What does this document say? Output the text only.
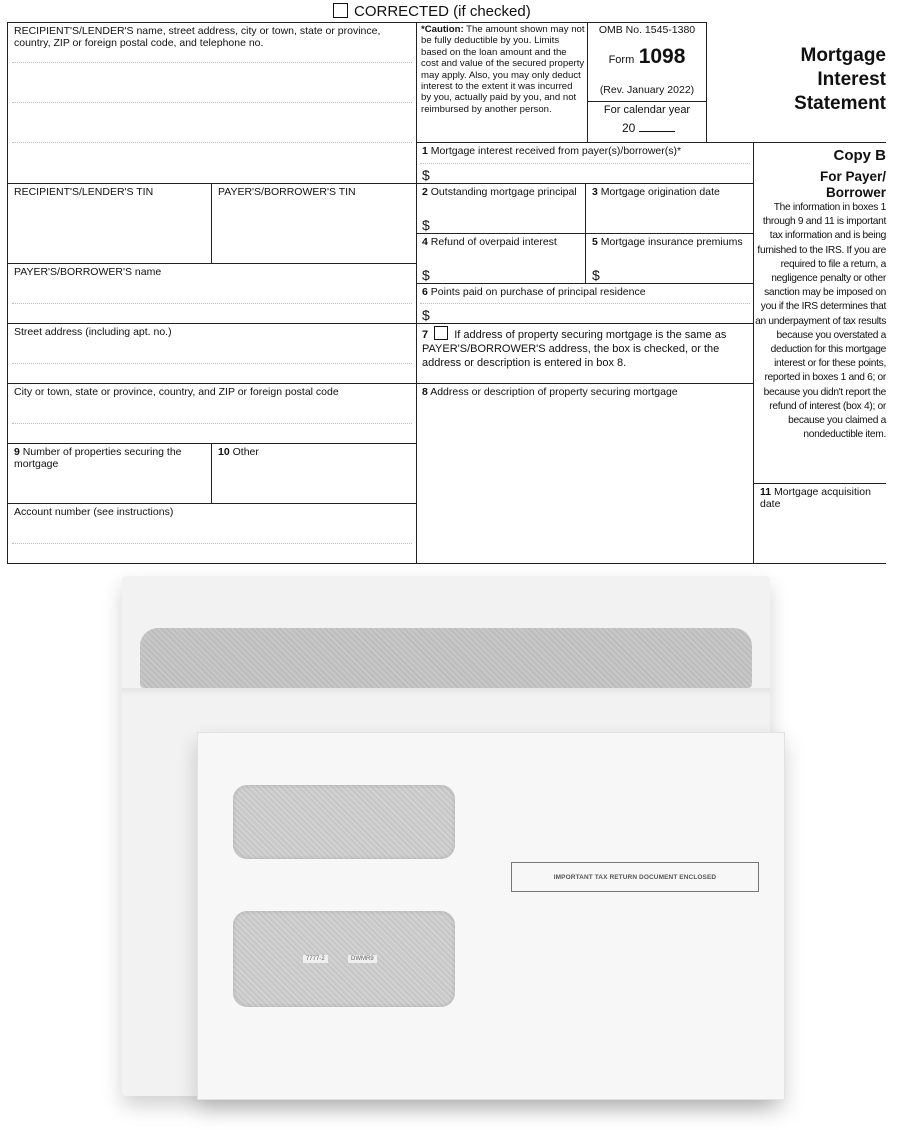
CORRECTED (if checked)
RECIPIENT'S/LENDER'S name, street address, city or town, state or province, country, ZIP or foreign postal code, and telephone no.
*Caution: The amount shown may not be fully deductible by you. Limits based on the loan amount and the cost and value of the secured property may apply. Also, you may only deduct interest to the extent it was incurred by you, actually paid by you, and not reimbursed by another person.
OMB No. 1545-1380
Form 1098
(Rev. January 2022)
For calendar year
20
Mortgage
Interest
Statement
1 Mortgage interest received from payer(s)/borrower(s)*
$
Copy B
For Payer/
Borrower
The information in boxes 1 through 9 and 11 is important tax information and is being furnished to the IRS. If you are required to file a return, a negligence penalty or other sanction may be imposed on you if the IRS determines that an underpayment of tax results because you overstated a deduction for this mortgage interest or for these points, reported in boxes 1 and 6; or because you didn't report the refund of interest (box 4); or because you claimed a nondeductible item.
RECIPIENT'S/LENDER'S TIN	PAYER'S/BORROWER'S TIN	2 Outstanding mortgage principal
$
3 Mortgage origination date
4 Refund of overpaid interest
$
5 Mortgage insurance premiums
$
PAYER'S/BORROWER'S name
6 Points paid on purchase of principal residence
$
Street address (including apt. no.)	7 If address of property securing mortgage is the same as PAYER'S/BORROWER'S address, the box is checked, or the address or description is entered in box 8.
City or town, state or province, country, and ZIP or foreign postal code	8 Address or description of property securing mortgage
9 Number of properties securing the mortgage
10 Other
Account number (see instructions)
11 Mortgage acquisition date
7777-2	DWMR9
IMPORTANT TAX RETURN DOCUMENT ENCLOSED
